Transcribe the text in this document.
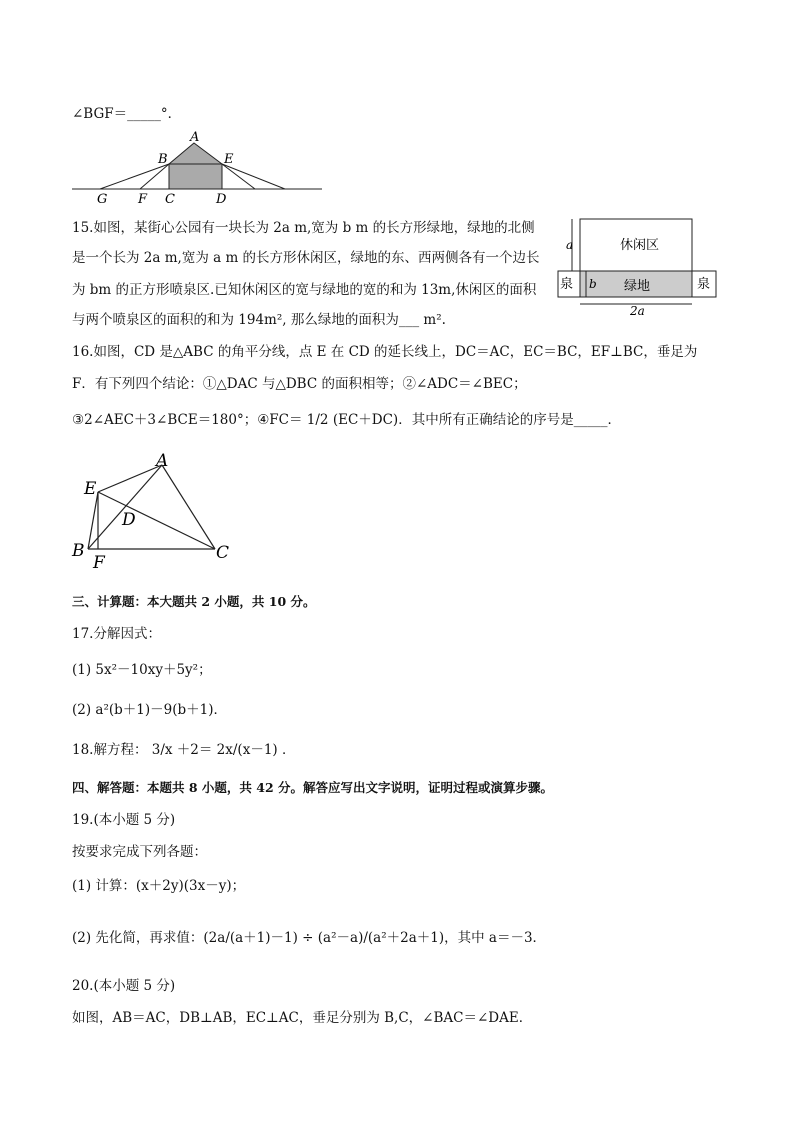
∠BGF＝_____°．
A
B	E
G F C	D
15.如图，某街心公园有一块长为 2a m,宽为 b m 的长方形绿地，绿地的北侧
是一个长为 2a m,宽为 a m 的长方形休闲区，绿地的东、西两侧各有一个边长
为 bm 的正方形喷泉区.已知休闲区的宽与绿地的宽的和为 13m,休闲区的面积
与两个喷泉区的面积的和为 194m², 那么绿地的面积为___ m².
休闲区
绿地
泉	泉
a
b
2a
16.如图，CD 是△ABC 的角平分线，点 E 在 CD 的延长线上，DC＝AC，EC＝BC，EF⊥BC，垂足为
F．有下列四个结论：①△DAC 与△DBC 的面积相等；②∠ADC＝∠BEC；
③2∠AEC＋3∠BCE＝180°；④FC＝ 1/2 (EC＋DC)．其中所有正确结论的序号是_____．
A
E
D
B
F	C
三、计算题：本大题共 2 小题，共 10 分。
17.分解因式：
(1) 5x²－10xy＋5y²；
(2) a²(b＋1)－9(b＋1)．
18.解方程： 3/x ＋2＝ 2x/(x－1) ．
四、解答题：本题共 8 小题，共 42 分。解答应写出文字说明，证明过程或演算步骤。
19.(本小题 5 分)
按要求完成下列各题：
(1) 计算：(x＋2y)(3x－y)；
(2) 先化简，再求值：(2a/(a＋1)－1) ÷ (a²－a)/(a²＋2a＋1)，其中 a＝－3．
20.(本小题 5 分)
如图，AB＝AC，DB⊥AB，EC⊥AC，垂足分别为 B,C，∠BAC＝∠DAE．
